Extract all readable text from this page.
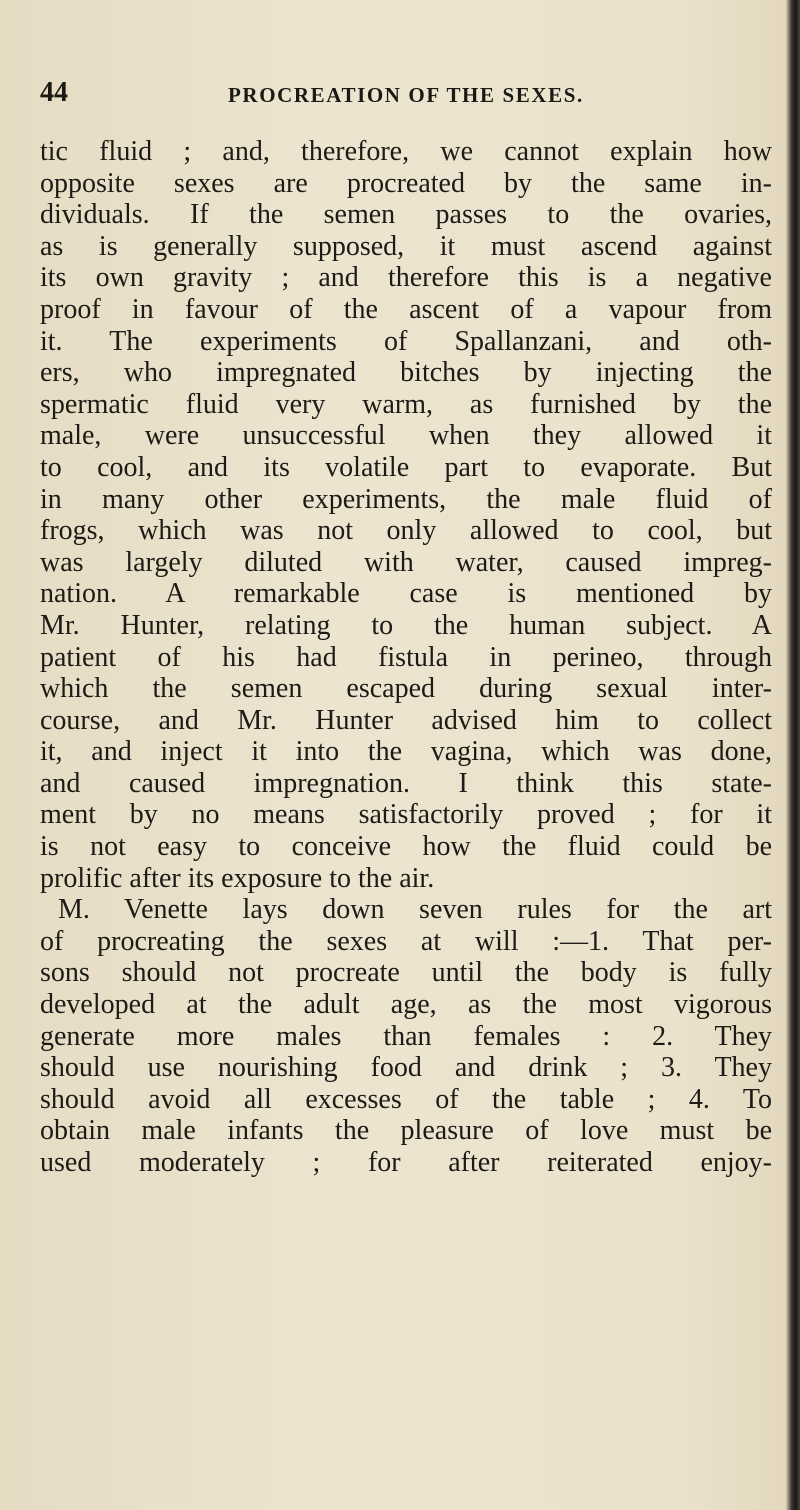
44	PROCREATION OF THE SEXES.
tic fluid ; and, therefore, we cannot explain how
opposite sexes are procreated by the same in-
dividuals. If the semen passes to the ovaries,
as is generally supposed, it must ascend against
its own gravity ; and therefore this is a negative
proof in favour of the ascent of a vapour from
it. The experiments of Spallanzani, and oth-
ers, who impregnated bitches by injecting the
spermatic fluid very warm, as furnished by the
male, were unsuccessful when they allowed it
to cool, and its volatile part to evaporate. But
in many other experiments, the male fluid of
frogs, which was not only allowed to cool, but
was largely diluted with water, caused impreg-
nation. A remarkable case is mentioned by
Mr. Hunter, relating to the human subject. A
patient of his had fistula in perineo, through
which the semen escaped during sexual inter-
course, and Mr. Hunter advised him to collect
it, and inject it into the vagina, which was done,
and caused impregnation. I think this state-
ment by no means satisfactorily proved ; for it
is not easy to conceive how the fluid could be
prolific after its exposure to the air.
M. Venette lays down seven rules for the art
of procreating the sexes at will :—1. That per-
sons should not procreate until the body is fully
developed at the adult age, as the most vigorous
generate more males than females : 2. They
should use nourishing food and drink ; 3. They
should avoid all excesses of the table ; 4. To
obtain male infants the pleasure of love must be
used moderately ; for after reiterated enjoy-
